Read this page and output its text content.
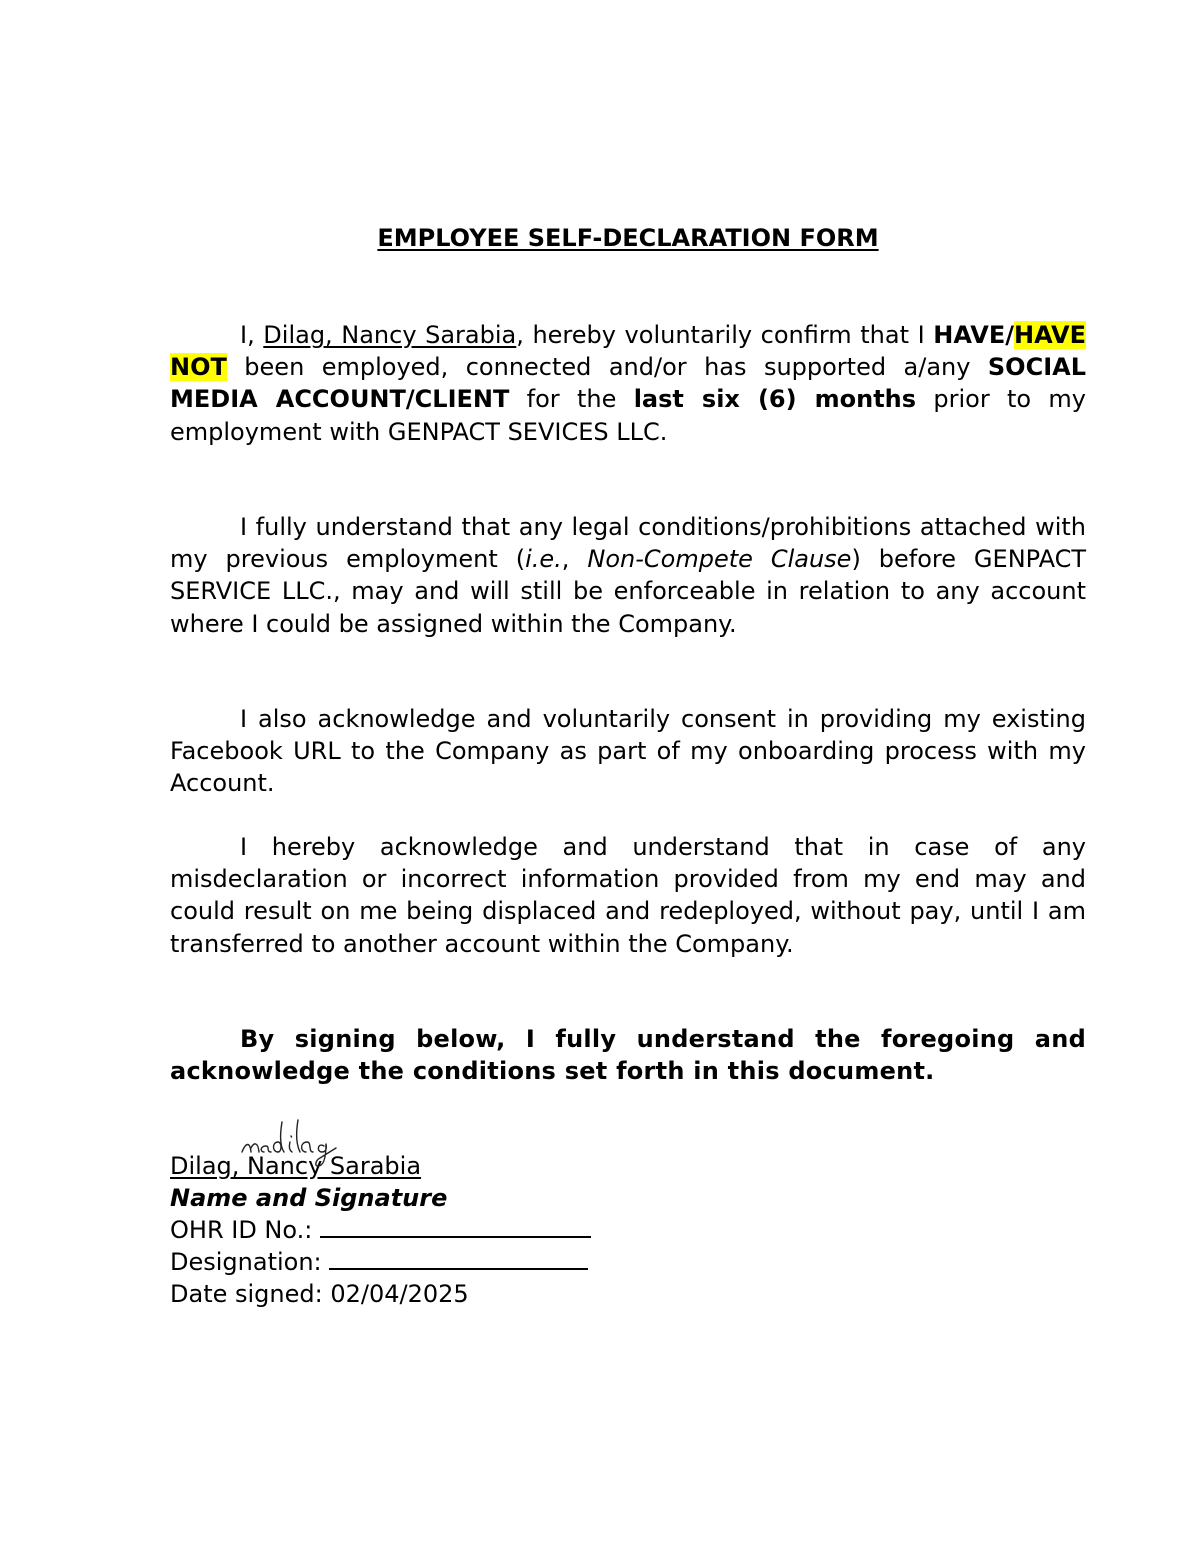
EMPLOYEE SELF-DECLARATION FORM

I, Dilag, Nancy Sarabia, hereby voluntarily confirm that I HAVE/HAVE NOT been employed, connected and/or has supported a/any SOCIAL MEDIA ACCOUNT/CLIENT for the last six (6) months prior to my employment with GENPACT SEVICES LLC.

I fully understand that any legal conditions/prohibitions attached with my previous employment (i.e., Non-Compete Clause) before GENPACT SERVICE LLC., may and will still be enforceable in relation to any account where I could be assigned within the Company.

I also acknowledge and voluntarily consent in providing my existing Facebook URL to the Company as part of my onboarding process with my Account.

I hereby acknowledge and understand that in case of any misdeclaration or incorrect information provided from my end may and could result on me being displaced and redeployed, without pay, until I am transferred to another account within the Company.

By signing below, I fully understand the foregoing and acknowledge the conditions set forth in this document.

Dilag, Nancy Sarabia
Name and Signature
OHR ID No.:
Designation:
Date signed: 02/04/2025
